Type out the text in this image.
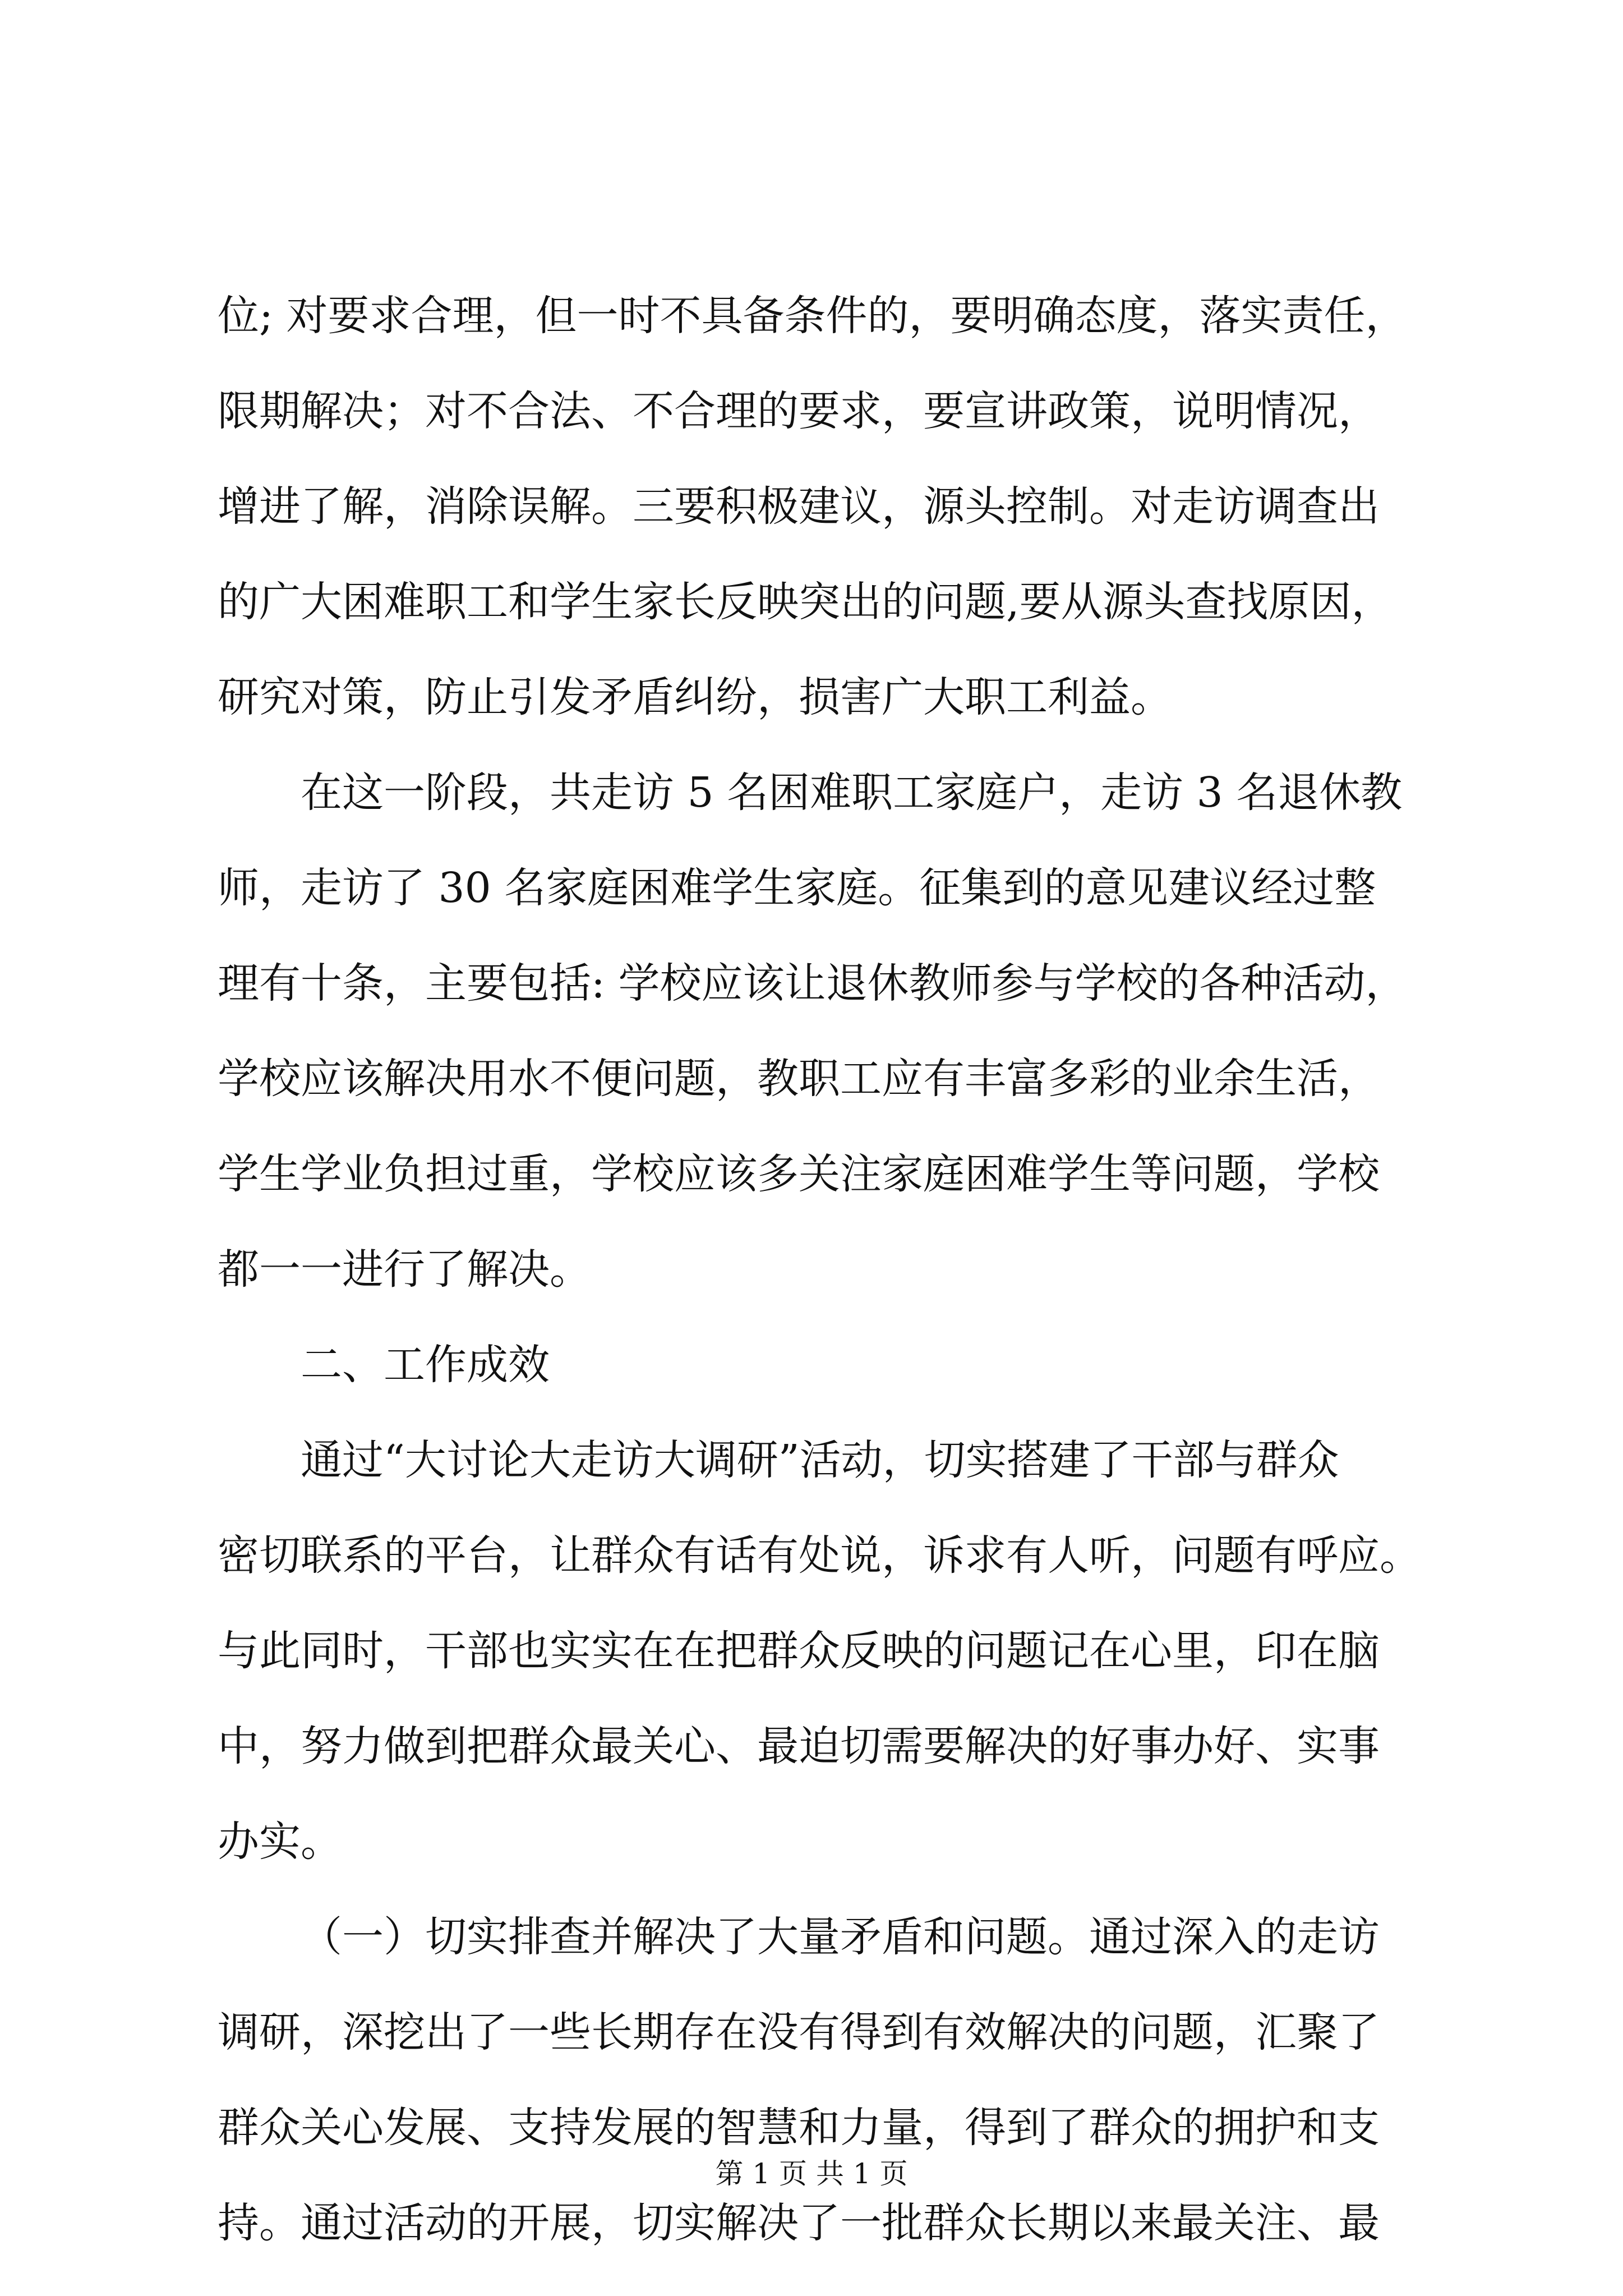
位; 对要求合理，但一时不具备条件的，要明确态度，落实责任，
限期解决；对不合法、不合理的要求，要宣讲政策，说明情况，
增进了解，消除误解。三要积极建议，源头控制。对走访调查出
的广大困难职工和学生家长反映突出的问题,要从源头查找原因，
研究对策，防止引发矛盾纠纷，损害广大职工利益。
在这一阶段，共走访 5 名困难职工家庭户，走访 3 名退休教
师，走访了 30 名家庭困难学生家庭。征集到的意见建议经过整
理有十条，主要包括: 学校应该让退休教师参与学校的各种活动，
学校应该解决用水不便问题，教职工应有丰富多彩的业余生活，
学生学业负担过重，学校应该多关注家庭困难学生等问题，学校
都一一进行了解决。
二、工作成效
通过“大讨论大走访大调研”活动，切实搭建了干部与群众
密切联系的平台，让群众有话有处说，诉求有人听，问题有呼应。
与此同时，干部也实实在在把群众反映的问题记在心里，印在脑
中，努力做到把群众最关心、最迫切需要解决的好事办好、实事
办实。
（一）切实排查并解决了大量矛盾和问题。通过深入的走访
调研，深挖出了一些长期存在没有得到有效解决的问题，汇聚了
群众关心发展、支持发展的智慧和力量，得到了群众的拥护和支
持。通过活动的开展，切实解决了一批群众长期以来最关注、最
第 1 页 共 1 页
